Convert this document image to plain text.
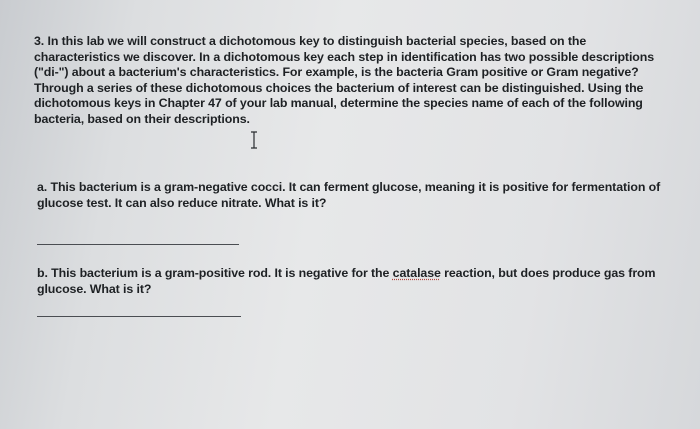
3. In this lab we will construct a dichotomous key to distinguish bacterial species, based on the characteristics we discover. In a dichotomous key each step in identification has two possible descriptions ("di-") about a bacterium's characteristics. For example, is the bacteria Gram positive or Gram negative? Through a series of these dichotomous choices the bacterium of interest can be distinguished. Using the dichotomous keys in Chapter 47 of your lab manual, determine the species name of each of the following bacteria, based on their descriptions.

a. This bacterium is a gram-negative cocci. It can ferment glucose, meaning it is positive for fermentation of glucose test. It can also reduce nitrate. What is it?

b. This bacterium is a gram-positive rod. It is negative for the catalase reaction, but does produce gas from glucose. What is it?
